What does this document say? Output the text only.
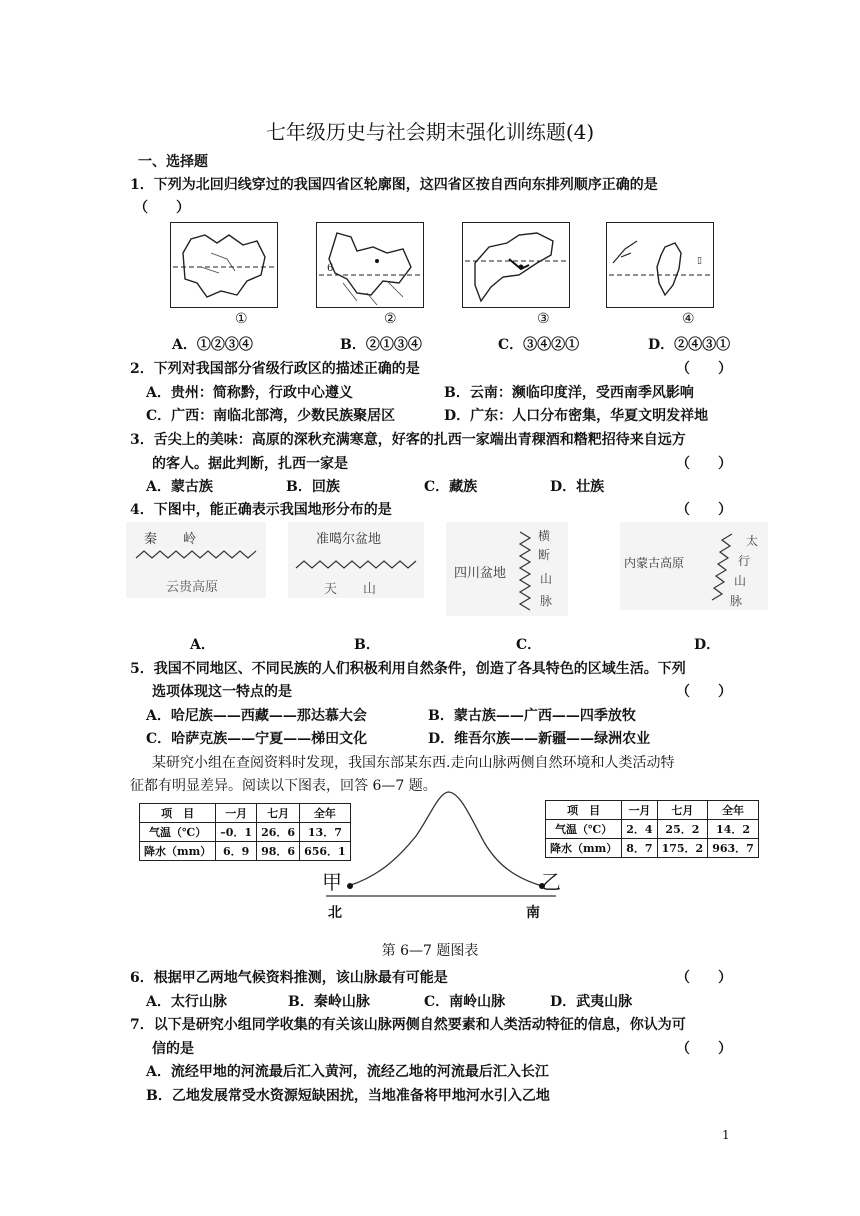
七年级历史与社会期末强化训练题(4)
一、选择题
1．下列为北回归线穿过的我国四省区轮廓图，这四省区按自西向东排列顺序正确的是
（　　）
6
▯
①	②	③	④
A．①②③④	B．②①③④	C．③④②①	D．②④③①
2．下列对我国部分省级行政区的描述正确的是	（　　）
A．贵州：简称黔，行政中心遵义	B．云南：濒临印度洋，受西南季风影响
C．广西：南临北部湾，少数民族聚居区	D．广东：人口分布密集，华夏文明发祥地
3．舌尖上的美味：高原的深秋充满寒意，好客的扎西一家端出青稞酒和糌粑招待来自远方
的客人。据此判断，扎西一家是	（　　）
A．蒙古族	B．回族	C．藏族	D．壮族
4．下图中，能正确表示我国地形分布的是	（　　）
秦　　岭
云贵高原
准噶尔盆地
天　　山
四川盆地
横
断
山
脉
内蒙古高原
太
行
山
脉
A．	B．	C．	D．
5．我国不同地区、不同民族的人们积极利用自然条件，创造了各具特色的区域生活。下列
选项体现这一特点的是	（　　）
A．哈尼族——西藏——那达慕大会	B．蒙古族——广西——四季放牧
C．哈萨克族——宁夏——梯田文化	D．维吾尔族——新疆——绿洲农业
某研究小组在查阅资料时发现，我国东部某东西.走向山脉两侧自然环境和人类活动特
征都有明显差异。阅读以下图表，回答 6—7 题。
项　目	一月	七月	全年
气温（℃）	–0．1	26．6	13．7
降水（mm）	6．9	98．6	656．1
项　目	一月	七月	全年
气温（℃）	2．4	25．2	14．2
降水（mm）	8．7	175．2	963．7
甲	乙
北	南
第 6—7 题图表
6．根据甲乙两地气候资料推测，该山脉最有可能是	（　　）
A．太行山脉	B．秦岭山脉	C．南岭山脉	D．武夷山脉
7．以下是研究小组同学收集的有关该山脉两侧自然要素和人类活动特征的信息，你认为可
信的是	（　　）
A．流经甲地的河流最后汇入黄河，流经乙地的河流最后汇入长江
B．乙地发展常受水资源短缺困扰，当地准备将甲地河水引入乙地
1
